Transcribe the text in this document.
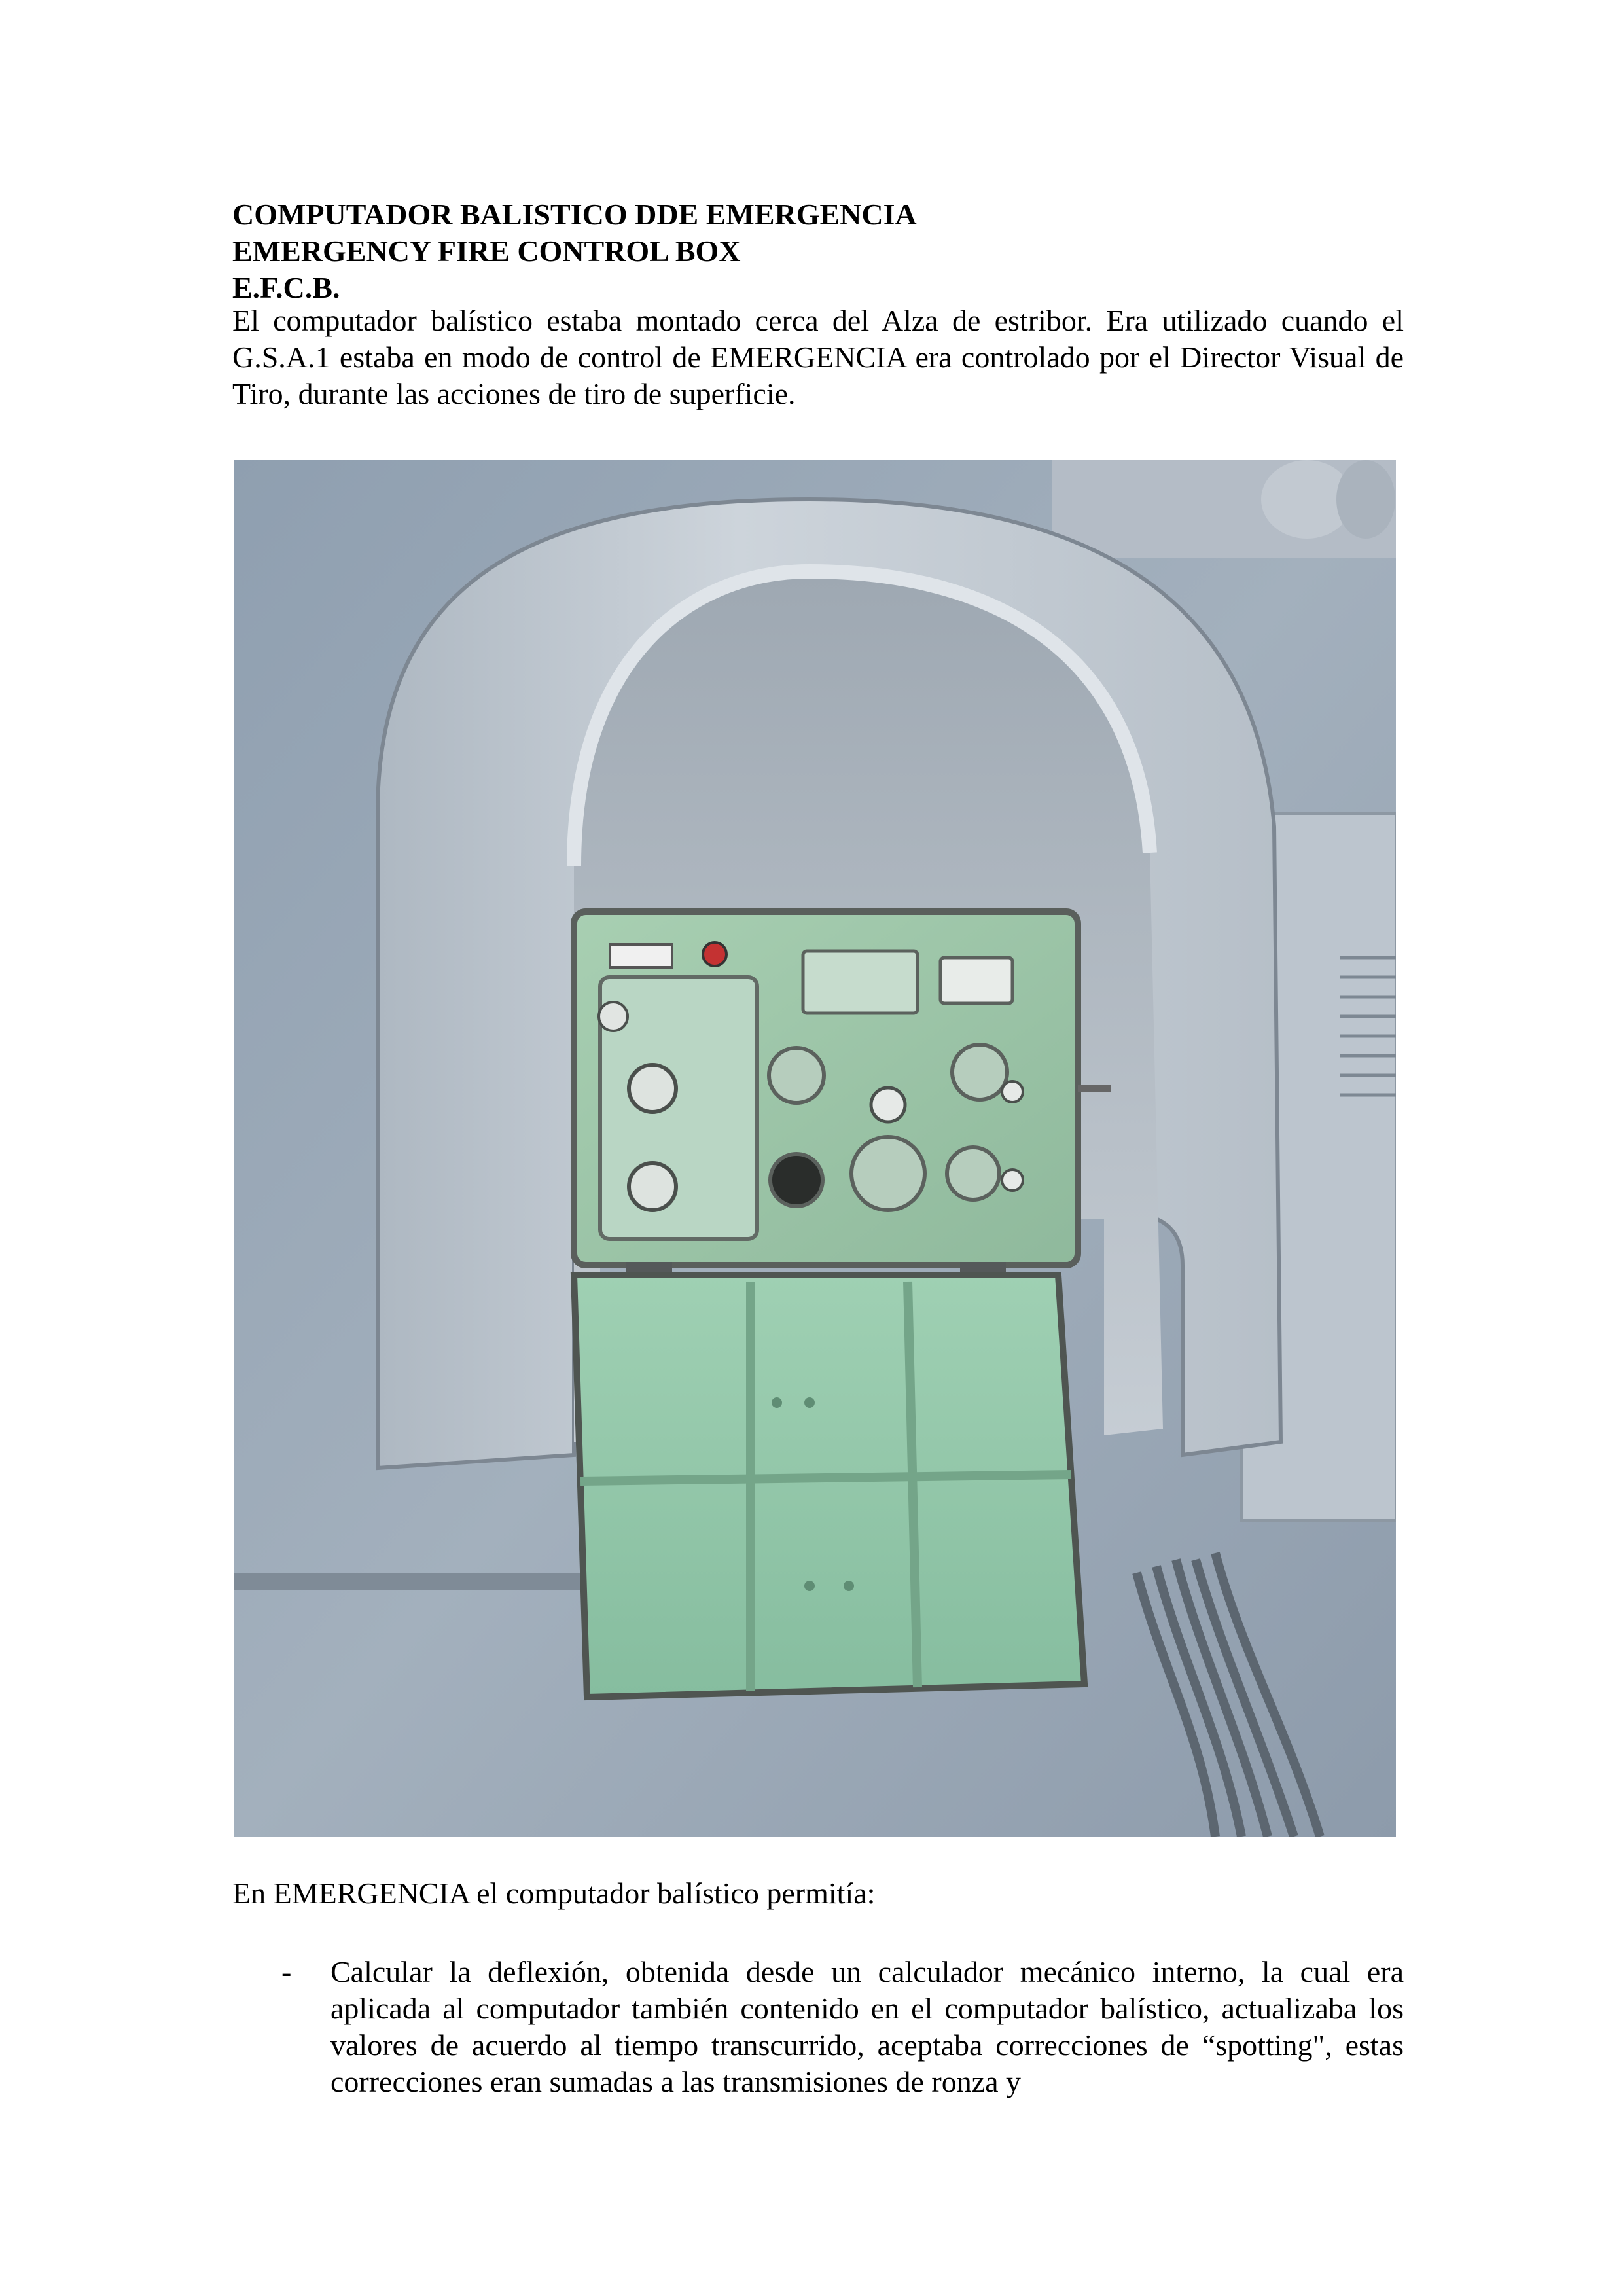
COMPUTADOR BALISTICO DDE EMERGENCIA

EMERGENCY FIRE CONTROL BOX

E.F.C.B.

El computador balístico estaba montado cerca del Alza de estribor. Era utilizado cuando el G.S.A.1 estaba en modo de control de EMERGENCIA era controlado por el Director Visual de Tiro, durante las acciones de tiro de superficie.

En EMERGENCIA el computador balístico permitía:

- Calcular la deflexión, obtenida desde un calculador mecánico interno, la cual era aplicada al computador también contenido en el computador balístico, actualizaba los valores de acuerdo al tiempo transcurrido, aceptaba correcciones de “spotting", estas correcciones eran sumadas a las transmisiones de ronza y
